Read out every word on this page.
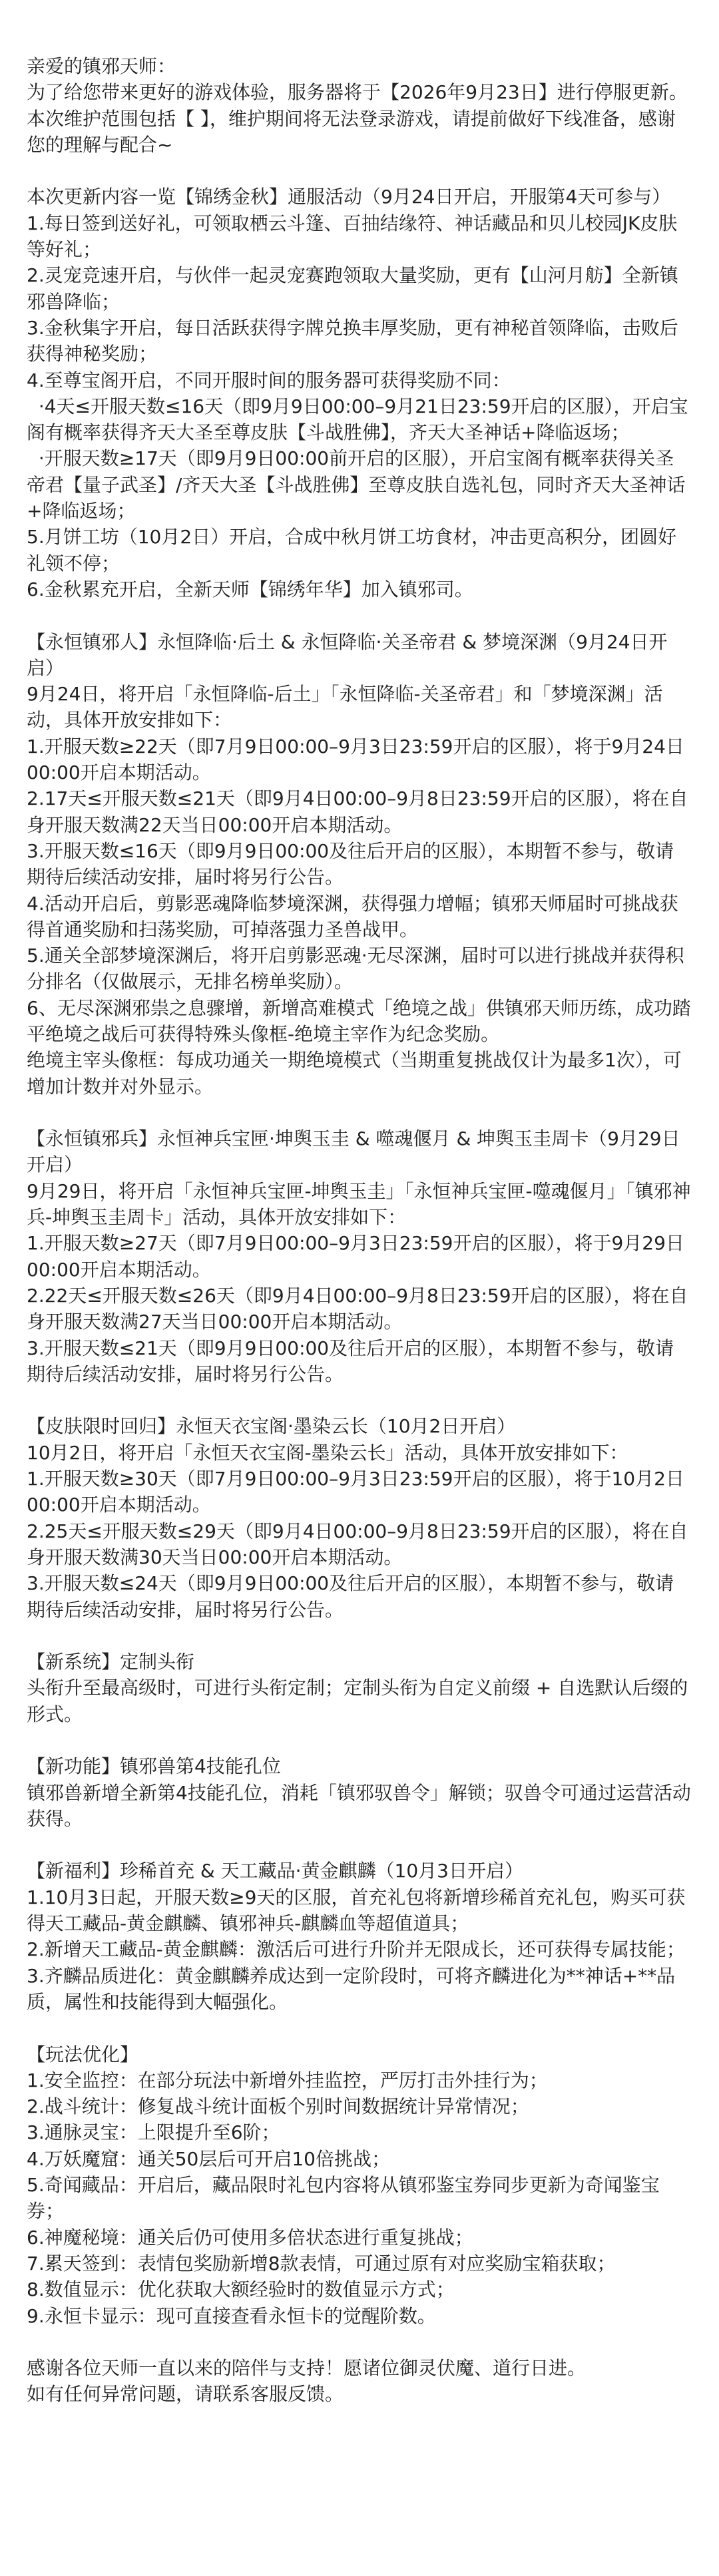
亲爱的镇邪天师：

为了给您带来更好的游戏体验，服务器将于【2026年9月23日】进行停服更新。本次维护范围包括【 】，维护期间将无法登录游戏，请提前做好下线准备，感谢您的理解与配合~

本次更新内容一览【锦绣金秋】通服活动（9月24日开启，开服第4天可参与）

1.每日签到送好礼，可领取栖云斗篷、百抽结缘符、神话藏品和贝儿校园JK皮肤等好礼；

2.灵宠竞速开启，与伙伴一起灵宠赛跑领取大量奖励，更有【山河月舫】全新镇邪兽降临；

3.金秋集字开启，每日活跃获得字牌兑换丰厚奖励，更有神秘首领降临，击败后获得神秘奖励；

4.至尊宝阁开启，不同开服时间的服务器可获得奖励不同：

·4天≤开服天数≤16天（即9月9日00:00–9月21日23:59开启的区服），开启宝阁有概率获得齐天大圣至尊皮肤【斗战胜佛】，齐天大圣神话+降临返场；

·开服天数≥17天（即9月9日00:00前开启的区服），开启宝阁有概率获得关圣帝君【量子武圣】/齐天大圣【斗战胜佛】至尊皮肤自选礼包，同时齐天大圣神话+降临返场；

5.月饼工坊（10月2日）开启，合成中秋月饼工坊食材，冲击更高积分，团圆好礼领不停；

6.金秋累充开启，全新天师【锦绣年华】加入镇邪司。

【永恒镇邪人】永恒降临·后土 & 永恒降临·关圣帝君 & 梦境深渊（9月24日开启）

9月24日，将开启「永恒降临-后土」「永恒降临-关圣帝君」和「梦境深渊」活动，具体开放安排如下：

1.开服天数≥22天（即7月9日00:00–9月3日23:59开启的区服），将于9月24日00:00开启本期活动。

2.17天≤开服天数≤21天（即9月4日00:00–9月8日23:59开启的区服），将在自身开服天数满22天当日00:00开启本期活动。

3.开服天数≤16天（即9月9日00:00及往后开启的区服），本期暂不参与，敬请期待后续活动安排，届时将另行公告。

4.活动开启后，剪影恶魂降临梦境深渊，获得强力增幅；镇邪天师届时可挑战获得首通奖励和扫荡奖励，可掉落强力圣兽战甲。

5.通关全部梦境深渊后，将开启剪影恶魂·无尽深渊，届时可以进行挑战并获得积分排名（仅做展示，无排名榜单奖励）。

6、无尽深渊邪祟之息骤增，新增高难模式「绝境之战」供镇邪天师历练，成功踏平绝境之战后可获得特殊头像框-绝境主宰作为纪念奖励。

绝境主宰头像框：每成功通关一期绝境模式（当期重复挑战仅计为最多1次），可增加计数并对外显示。

【永恒镇邪兵】永恒神兵宝匣·坤舆玉圭 & 噬魂偃月 & 坤舆玉圭周卡（9月29日开启）

9月29日，将开启「永恒神兵宝匣-坤舆玉圭」「永恒神兵宝匣-噬魂偃月」「镇邪神兵-坤舆玉圭周卡」活动，具体开放安排如下：

1.开服天数≥27天（即7月9日00:00–9月3日23:59开启的区服），将于9月29日00:00开启本期活动。

2.22天≤开服天数≤26天（即9月4日00:00–9月8日23:59开启的区服），将在自身开服天数满27天当日00:00开启本期活动。

3.开服天数≤21天（即9月9日00:00及往后开启的区服），本期暂不参与，敬请期待后续活动安排，届时将另行公告。

【皮肤限时回归】永恒天衣宝阁·墨染云长（10月2日开启）

10月2日，将开启「永恒天衣宝阁-墨染云长」活动，具体开放安排如下：

1.开服天数≥30天（即7月9日00:00–9月3日23:59开启的区服），将于10月2日00:00开启本期活动。

2.25天≤开服天数≤29天（即9月4日00:00–9月8日23:59开启的区服），将在自身开服天数满30天当日00:00开启本期活动。

3.开服天数≤24天（即9月9日00:00及往后开启的区服），本期暂不参与，敬请期待后续活动安排，届时将另行公告。

【新系统】定制头衔

头衔升至最高级时，可进行头衔定制；定制头衔为自定义前缀 + 自选默认后缀的形式。

【新功能】镇邪兽第4技能孔位

镇邪兽新增全新第4技能孔位，消耗「镇邪驭兽令」解锁；驭兽令可通过运营活动获得。

【新福利】珍稀首充 & 天工藏品·黄金麒麟（10月3日开启）

1.10月3日起，开服天数≥9天的区服，首充礼包将新增珍稀首充礼包，购买可获得天工藏品-黄金麒麟、镇邪神兵-麒麟血等超值道具；

2.新增天工藏品-黄金麒麟：激活后可进行升阶并无限成长，还可获得专属技能；

3.齐麟品质进化：黄金麒麟养成达到一定阶段时，可将齐麟进化为**神话+**品质，属性和技能得到大幅强化。

【玩法优化】

1.安全监控：在部分玩法中新增外挂监控，严厉打击外挂行为；

2.战斗统计：修复战斗统计面板个别时间数据统计异常情况；

3.通脉灵宝：上限提升至6阶；

4.万妖魔窟：通关50层后可开启10倍挑战；

5.奇闻藏品：开启后，藏品限时礼包内容将从镇邪鉴宝券同步更新为奇闻鉴宝券；

6.神魔秘境：通关后仍可使用多倍状态进行重复挑战；

7.累天签到：表情包奖励新增8款表情，可通过原有对应奖励宝箱获取；

8.数值显示：优化获取大额经验时的数值显示方式；

9.永恒卡显示：现可直接查看永恒卡的觉醒阶数。

感谢各位天师一直以来的陪伴与支持！愿诸位御灵伏魔、道行日进。

如有任何异常问题，请联系客服反馈。
